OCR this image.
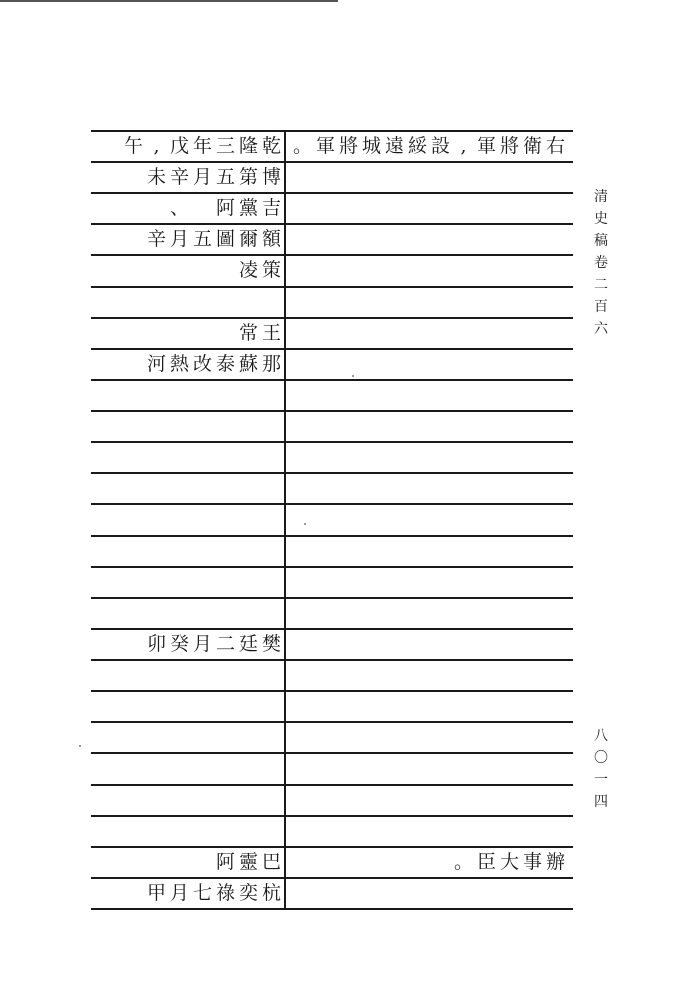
乾
隆
三
年
戊
,
午	右
衛
將
軍
,
設
綏
遠
城
將
軍
。
博
第
五
月
辛
未
吉
黨
阿

、
額
爾
圖
五
月
辛
策
凌
王
常
那
蘇
泰
改
熱
河
樊
廷
二
月
癸
卯
巴
靈
阿	辦
事
大
臣
。
杭
奕
祿
七
月
甲
清
史
稿
卷
二
百
六
八
〇
一
四
